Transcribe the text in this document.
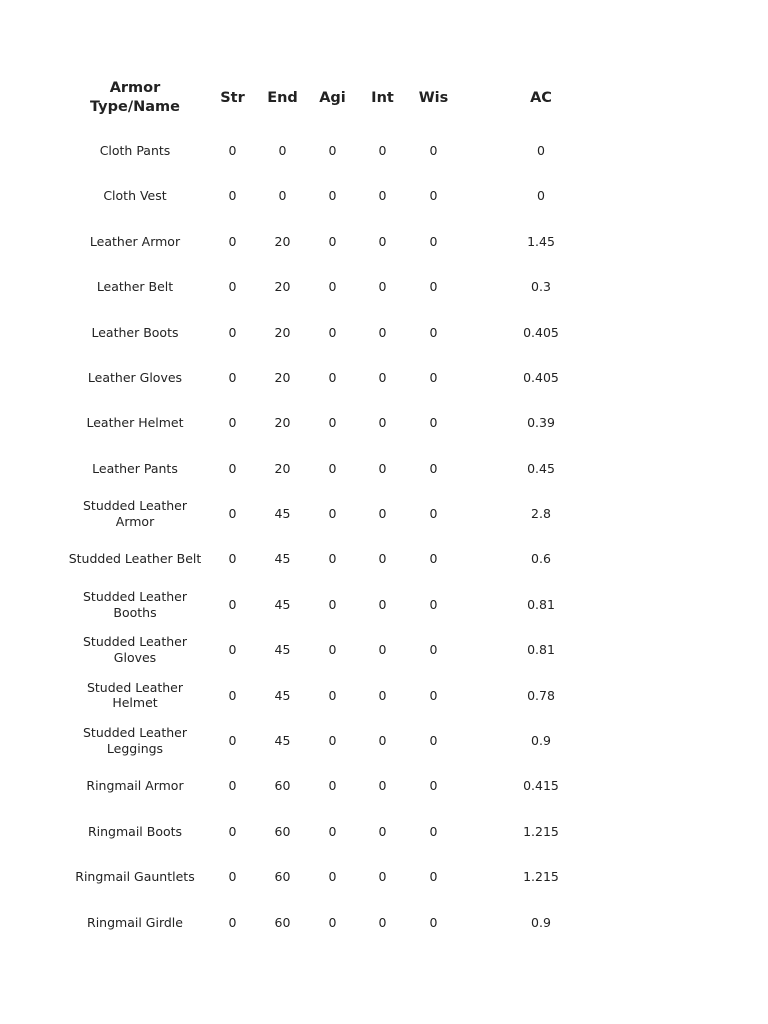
Armor
Type/Name	Str	End	Agi	Int	Wis	AC

Cloth Pants	0	0	0	0	0	0

Cloth Vest	0	0	0	0	0	0

Leather Armor	0	20	0	0	0	1.45

Leather Belt	0	20	0	0	0	0.3

Leather Boots	0	20	0	0	0	0.405

Leather Gloves	0	20	0	0	0	0.405

Leather Helmet	0	20	0	0	0	0.39

Leather Pants	0	20	0	0	0	0.45

Studded Leather
Armor	0	45	0	0	0	2.8

Studded Leather Belt	0	45	0	0	0	0.6

Studded Leather
Booths	0	45	0	0	0	0.81

Studded Leather
Gloves	0	45	0	0	0	0.81

Studed Leather
Helmet	0	45	0	0	0	0.78

Studded Leather
Leggings	0	45	0	0	0	0.9

Ringmail Armor	0	60	0	0	0	0.415

Ringmail Boots	0	60	0	0	0	1.215

Ringmail Gauntlets	0	60	0	0	0	1.215

Ringmail Girdle	0	60	0	0	0	0.9
